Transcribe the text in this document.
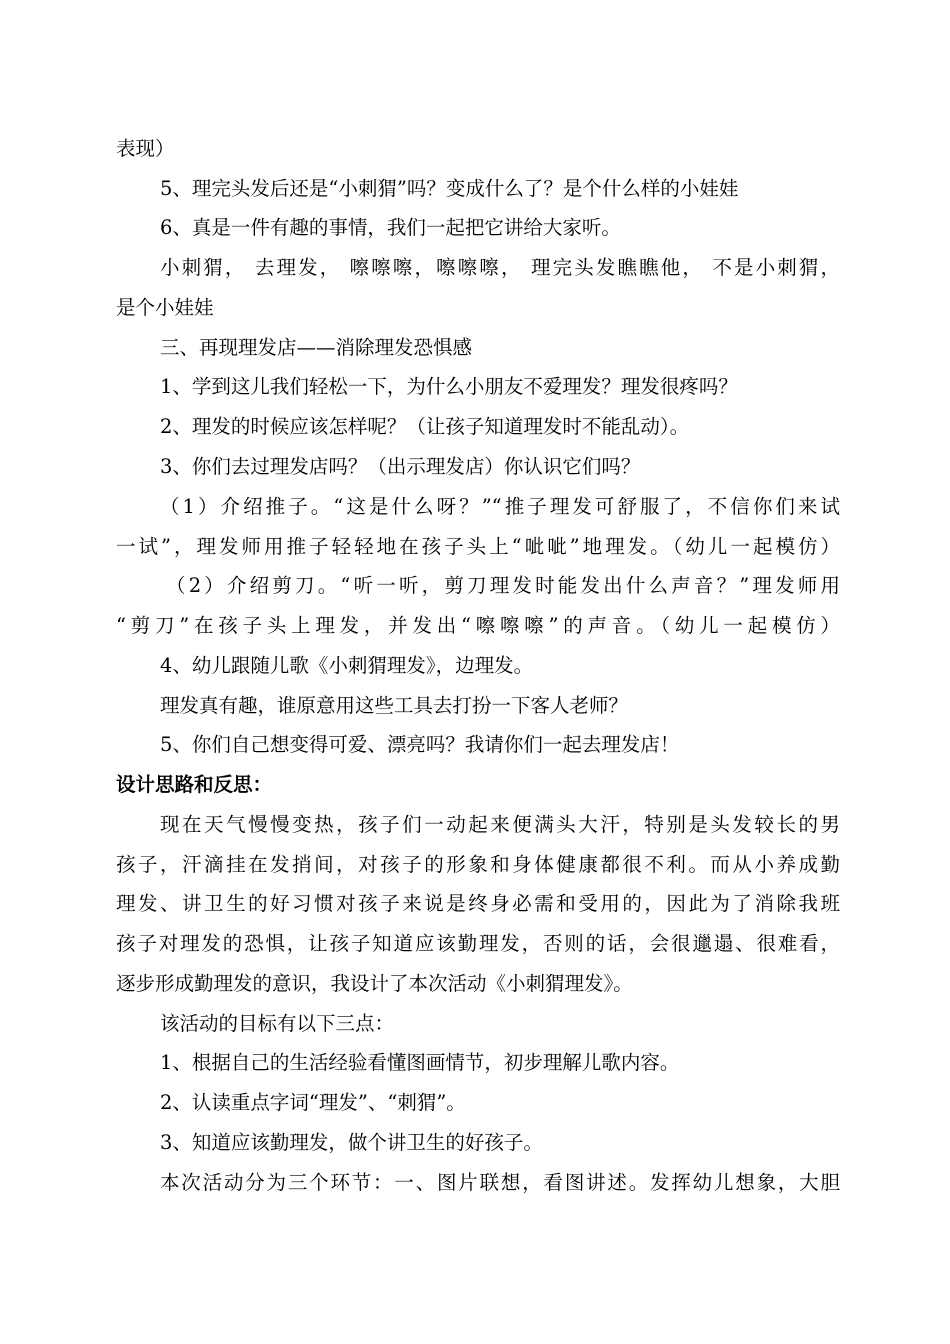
表现）
5、理完头发后还是“小刺猬”吗？变成什么了？是个什么样的小娃娃
6、真是一件有趣的事情，我们一起把它讲给大家听。
小刺猬， 去理发， 嚓嚓嚓，嚓嚓嚓， 理完头发瞧瞧他， 不是小刺猬，
是个小娃娃
三、再现理发店——消除理发恐惧感
1、学到这儿我们轻松一下，为什么小朋友不爱理发？理发很疼吗？
2、理发的时候应该怎样呢？（让孩子知道理发时不能乱动）。
3、你们去过理发店吗？（出示理发店）你认识它们吗？
（1）介绍推子。“这是什么呀？”“推子理发可舒服了，不信你们来试
一试”，理发师用推子轻轻地在孩子头上“呲呲”地理发。（幼儿一起模仿）
（2）介绍剪刀。“听一听，剪刀理发时能发出什么声音？”理发师用
“剪刀”在孩子头上理发，并发出“嚓嚓嚓”的声音。（幼儿一起模仿）
4、幼儿跟随儿歌《小刺猬理发》，边理发。
理发真有趣，谁原意用这些工具去打扮一下客人老师？
5、你们自己想变得可爱、漂亮吗？我请你们一起去理发店！
设计思路和反思：
现在天气慢慢变热，孩子们一动起来便满头大汗，特别是头发较长的男
孩子，汗滴挂在发捎间，对孩子的形象和身体健康都很不利。而从小养成勤
理发、讲卫生的好习惯对孩子来说是终身必需和受用的，因此为了消除我班
孩子对理发的恐惧，让孩子知道应该勤理发，否则的话，会很邋遢、很难看，
逐步形成勤理发的意识，我设计了本次活动《小刺猬理发》。
该活动的目标有以下三点：
1、根据自己的生活经验看懂图画情节，初步理解儿歌内容。
2、认读重点字词“理发”、“刺猬”。
3、知道应该勤理发，做个讲卫生的好孩子。
本次活动分为三个环节：一、图片联想，看图讲述。发挥幼儿想象，大胆
